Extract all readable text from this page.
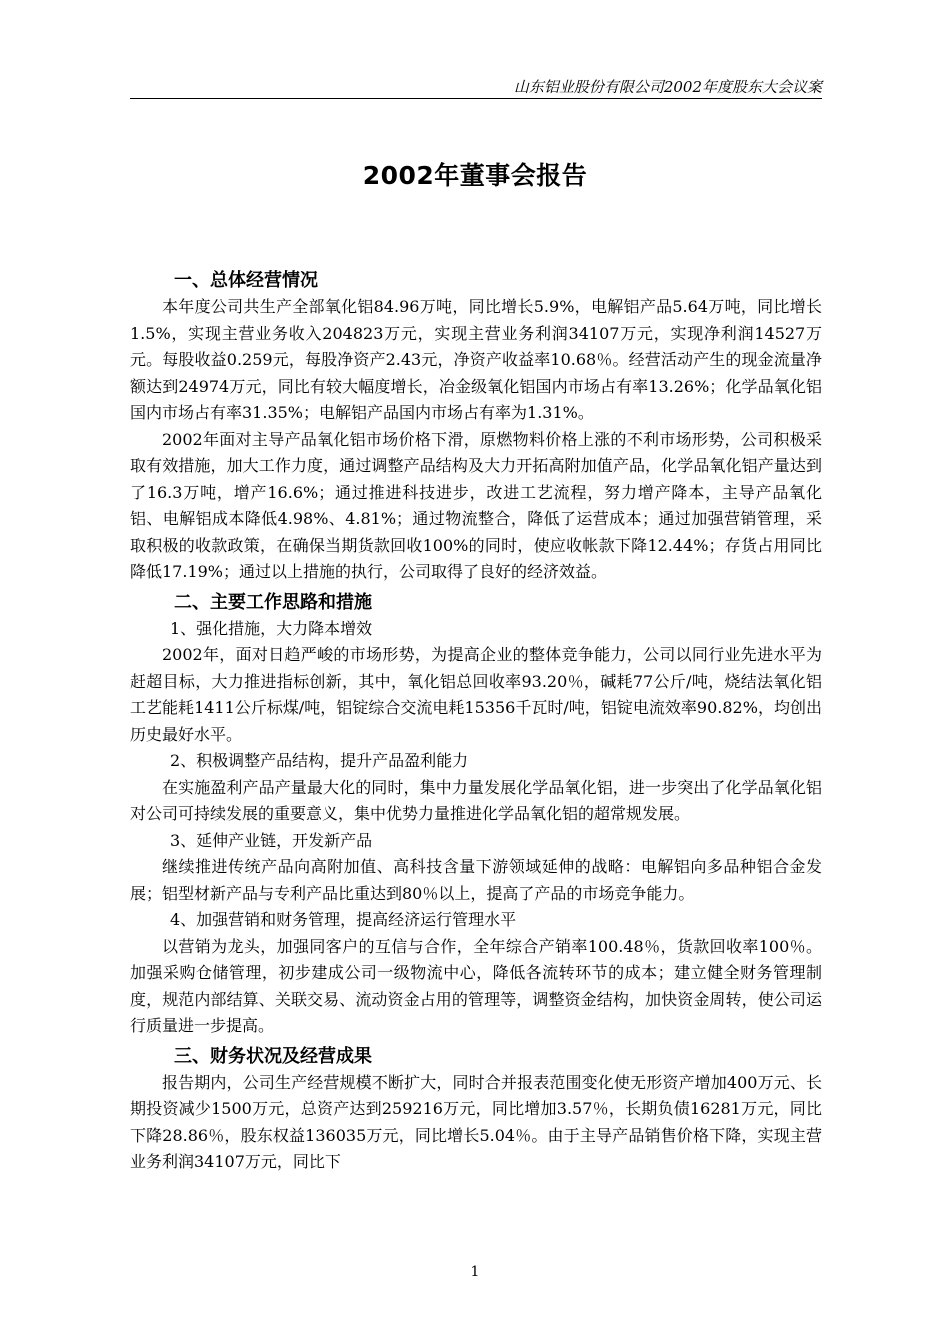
山东铝业股份有限公司2002年度股东大会议案
2002年董事会报告

一、总体经营情况

本年度公司共生产全部氧化铝84.96万吨，同比增长5.9%，电解铝产品5.64万吨，同比增长1.5%，实现主营业务收入204823万元，实现主营业务利润34107万元，实现净利润14527万元。每股收益0.259元，每股净资产2.43元，净资产收益率10.68％。经营活动产生的现金流量净额达到24974万元，同比有较大幅度增长，冶金级氧化铝国内市场占有率13.26%；化学品氧化铝国内市场占有率31.35%；电解铝产品国内市场占有率为1.31%。

2002年面对主导产品氧化铝市场价格下滑，原燃物料价格上涨的不利市场形势，公司积极采取有效措施，加大工作力度，通过调整产品结构及大力开拓高附加值产品，化学品氧化铝产量达到了16.3万吨，增产16.6%；通过推进科技进步，改进工艺流程，努力增产降本，主导产品氧化铝、电解铝成本降低4.98%、4.81%；通过物流整合，降低了运营成本；通过加强营销管理，采取积极的收款政策，在确保当期货款回收100%的同时，使应收帐款下降12.44%；存货占用同比降低17.19%；通过以上措施的执行，公司取得了良好的经济效益。

二、主要工作思路和措施

1、强化措施，大力降本增效

2002年，面对日趋严峻的市场形势，为提高企业的整体竞争能力，公司以同行业先进水平为赶超目标，大力推进指标创新，其中，氧化铝总回收率93.20％，碱耗77公斤/吨，烧结法氧化铝工艺能耗1411公斤标煤/吨，铝锭综合交流电耗15356千瓦时/吨，铝锭电流效率90.82%，均创出历史最好水平。

2、积极调整产品结构，提升产品盈利能力

在实施盈利产品产量最大化的同时，集中力量发展化学品氧化铝，进一步突出了化学品氧化铝对公司可持续发展的重要意义，集中优势力量推进化学品氧化铝的超常规发展。

3、延伸产业链，开发新产品

继续推进传统产品向高附加值、高科技含量下游领域延伸的战略：电解铝向多品种铝合金发展；铝型材新产品与专利产品比重达到80％以上，提高了产品的市场竞争能力。

4、加强营销和财务管理，提高经济运行管理水平

以营销为龙头，加强同客户的互信与合作，全年综合产销率100.48％，货款回收率100％。加强采购仓储管理，初步建成公司一级物流中心，降低各流转环节的成本；建立健全财务管理制度，规范内部结算、关联交易、流动资金占用的管理等，调整资金结构，加快资金周转，使公司运行质量进一步提高。

三、财务状况及经营成果

报告期内，公司生产经营规模不断扩大，同时合并报表范围变化使无形资产增加400万元、长期投资减少1500万元，总资产达到259216万元，同比增加3.57％，长期负债16281万元，同比下降28.86％，股东权益136035万元，同比增长5.04％。由于主导产品销售价格下降，实现主营业务利润34107万元，同比下

1
